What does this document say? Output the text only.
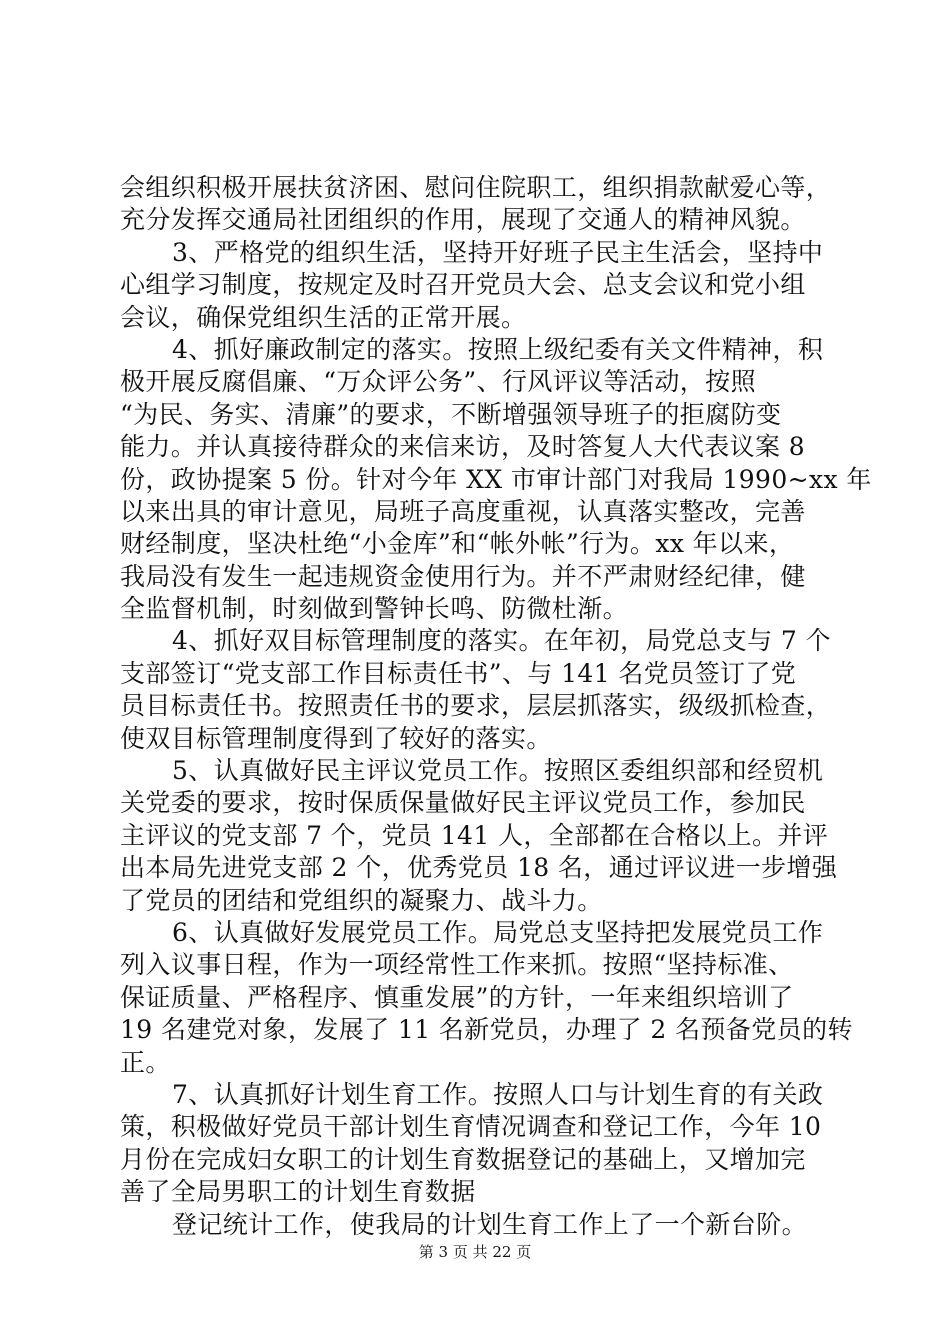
会组织积极开展扶贫济困、慰问住院职工，组织捐款献爱心等，
充分发挥交通局社团组织的作用，展现了交通人的精神风貌。
3、严格党的组织生活，坚持开好班子民主生活会，坚持中
心组学习制度，按规定及时召开党员大会、总支会议和党小组
会议，确保党组织生活的正常开展。
4、抓好廉政制定的落实。按照上级纪委有关文件精神，积
极开展反腐倡廉、“万众评公务”、行风评议等活动，按照
“为民、务实、清廉”的要求，不断增强领导班子的拒腐防变
能力。并认真接待群众的来信来访，及时答复人大代表议案 8
份，政协提案 5 份。针对今年 XX 市审计部门对我局 1990~xx 年
以来出具的审计意见，局班子高度重视，认真落实整改，完善
财经制度，坚决杜绝“小金库”和“帐外帐”行为。xx 年以来，
我局没有发生一起违规资金使用行为。并不严肃财经纪律，健
全监督机制，时刻做到警钟长鸣、防微杜渐。
4、抓好双目标管理制度的落实。在年初，局党总支与 7 个
支部签订“党支部工作目标责任书”、与 141 名党员签订了党
员目标责任书。按照责任书的要求，层层抓落实，级级抓检查，
使双目标管理制度得到了较好的落实。
5、认真做好民主评议党员工作。按照区委组织部和经贸机
关党委的要求，按时保质保量做好民主评议党员工作，参加民
主评议的党支部 7 个，党员 141 人，全部都在合格以上。并评
出本局先进党支部 2 个，优秀党员 18 名，通过评议进一步增强
了党员的团结和党组织的凝聚力、战斗力。
6、认真做好发展党员工作。局党总支坚持把发展党员工作
列入议事日程，作为一项经常性工作来抓。按照“坚持标准、
保证质量、严格程序、慎重发展”的方针，一年来组织培训了
19 名建党对象，发展了 11 名新党员，办理了 2 名预备党员的转
正。
7、认真抓好计划生育工作。按照人口与计划生育的有关政
策，积极做好党员干部计划生育情况调查和登记工作，今年 10
月份在完成妇女职工的计划生育数据登记的基础上，又增加完
善了全局男职工的计划生育数据
登记统计工作，使我局的计划生育工作上了一个新台阶。
第 3 页 共 22 页
